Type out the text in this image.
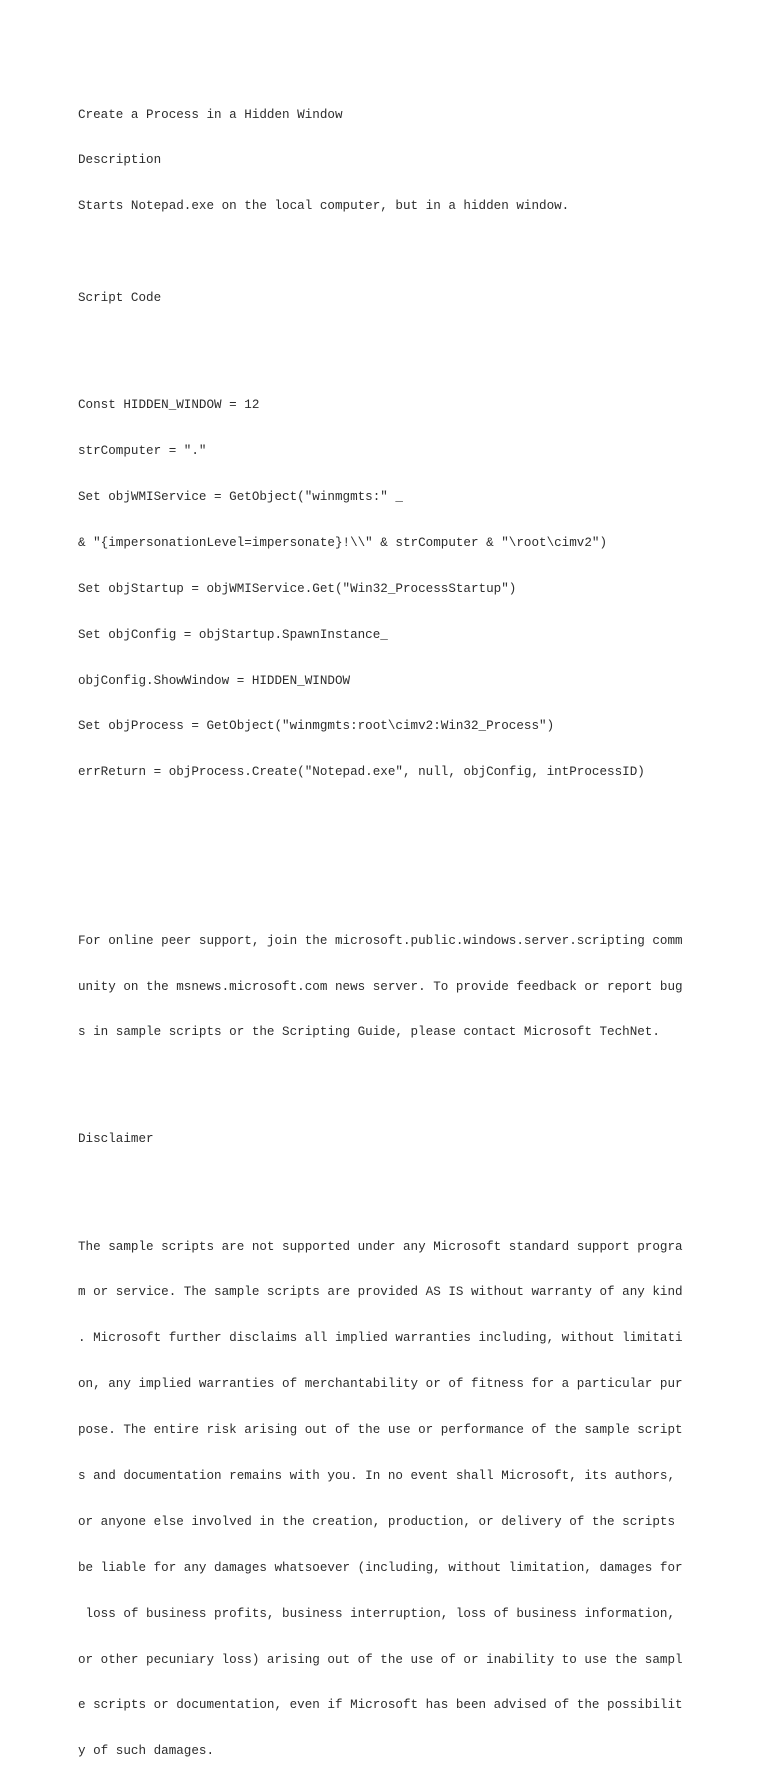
Create a Process in a Hidden Window

Description

Starts Notepad.exe on the local computer, but in a hidden window.

Script Code

Const HIDDEN_WINDOW = 12

strComputer = "."

Set objWMIService = GetObject("winmgmts:" _

& "{impersonationLevel=impersonate}!\\" & strComputer & "\root\cimv2")

Set objStartup = objWMIService.Get("Win32_ProcessStartup")

Set objConfig = objStartup.SpawnInstance_

objConfig.ShowWindow = HIDDEN_WINDOW

Set objProcess = GetObject("winmgmts:root\cimv2:Win32_Process")

errReturn = objProcess.Create("Notepad.exe", null, objConfig, intProcessID)

For online peer support, join the microsoft.public.windows.server.scripting comm

unity on the msnews.microsoft.com news server. To provide feedback or report bug

s in sample scripts or the Scripting Guide, please contact Microsoft TechNet.

Disclaimer

The sample scripts are not supported under any Microsoft standard support progra

m or service. The sample scripts are provided AS IS without warranty of any kind

. Microsoft further disclaims all implied warranties including, without limitati

on, any implied warranties of merchantability or of fitness for a particular pur

pose. The entire risk arising out of the use or performance of the sample script

s and documentation remains with you. In no event shall Microsoft, its authors,

or anyone else involved in the creation, production, or delivery of the scripts

be liable for any damages whatsoever (including, without limitation, damages for

loss of business profits, business interruption, loss of business information,

or other pecuniary loss) arising out of the use of or inability to use the sampl

e scripts or documentation, even if Microsoft has been advised of the possibilit

y of such damages.
